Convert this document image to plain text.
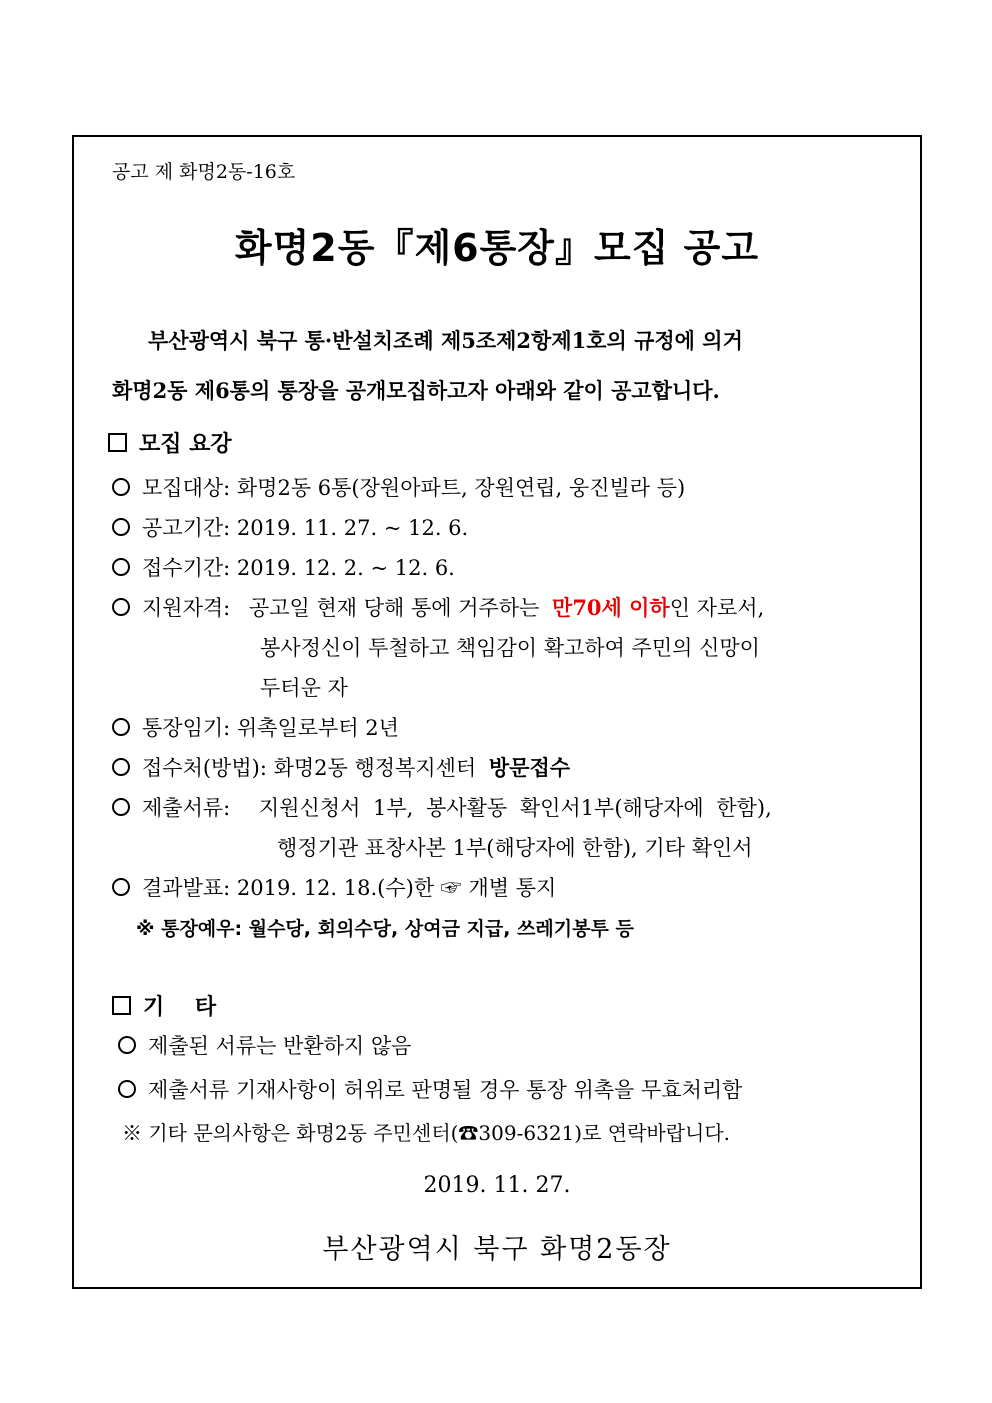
공고 제 화명2동-16호
화명2동『제6통장』모집 공고
부산광역시 북구 통·반설치조례 제5조제2항제1호의 규정에 의거
화명2동 제6통의 통장을 공개모집하고자 아래와 같이 공고합니다.
모집 요강
모집대상: 화명2동 6통(장원아파트, 장원연립, 웅진빌라 등)
공고기간: 2019. 11. 27. ~ 12. 6.
접수기간: 2019. 12. 2. ~ 12. 6.
지원자격: 공고일 현재 당해 통에 거주하는 만70세 이하인 자로서,
봉사정신이 투철하고 책임감이 확고하여 주민의 신망이
두터운 자
통장임기: 위촉일로부터 2년
접수처(방법): 화명2동 행정복지센터 방문접수
제출서류: 지원신청서 1부, 봉사활동 확인서1부(해당자에 한함),
행정기관 표창사본 1부(해당자에 한함), 기타 확인서
결과발표: 2019. 12. 18.(수)한 ☞ 개별 통지
※ 통장예우: 월수당, 회의수당, 상여금 지급, 쓰레기봉투 등
기    타
제출된 서류는 반환하지 않음
제출서류 기재사항이 허위로 판명될 경우 통장 위촉을 무효처리함
※ 기타 문의사항은 화명2동 주민센터(☎309-6321)로 연락바랍니다.
2019. 11. 27.
부산광역시 북구 화명2동장
